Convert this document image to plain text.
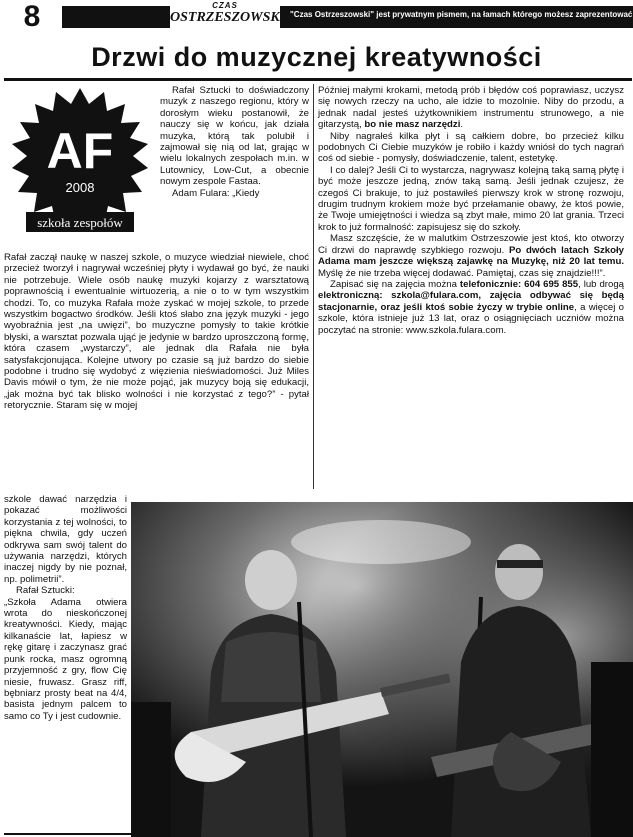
8	CZAS
OSTRZESZOWSKI "Czas Ostrzeszowski" jest prywatnym pismem, na łamach którego możesz zaprezentować
Drzwi do muzycznej kreatywności
AF
2008
szkoła zespołów

Rafał Sztucki to doświadczony muzyk z naszego regionu, który w dorosłym wieku postanowił, że nauczy się w końcu, jak działa muzyka, którą tak polubił i zajmował się nią od lat, grając w wielu lokalnych zespołach m.in. w Lutownicy, Low-Cut, a obecnie nowym zespole Fastaa.

Adam Fulara: „Kiedy

Rafał zaczął naukę w naszej szkole, o muzyce wiedział niewiele, choć przecież tworzył i nagrywał wcześniej płyty i wydawał go być, że nauki nie potrzebuje. Wiele osób naukę muzyki kojarzy z warsztatową poprawnością i ewentualnie wirtuozerią, a nie o to w tym wszystkim chodzi. To, co muzyka Rafała może zyskać w mojej szkole, to przede wszystkim bogactwo środków. Jeśli ktoś słabo zna język muzyki - jego wyobraźnia jest „na uwięzi”, bo muzyczne pomysły to takie krótkie błyski, a warsztat pozwala ująć je jedynie w bardzo uproszczoną formę, która czasem „wystarczy”, ale jednak dla Rafała nie była satysfakcjonująca. Kolejne utwory po czasie są już bardzo do siebie podobne i trudno się wydobyć z więzienia nieświadomości. Już Miles Davis mówił o tym, że nie może pojąć, jak muzycy boją się edukacji, „jak można być tak blisko wolności i nie korzystać z tego?” - pytał retorycznie. Staram się w mojej

Później małymi krokami, metodą prób i błędów coś poprawiasz, uczysz się nowych rzeczy na ucho, ale idzie to mozolnie. Niby do przodu, a jednak nadal jesteś użytkownikiem instrumentu strunowego, a nie gitarzystą, bo nie masz narzędzi.

Niby nagrałeś kilka płyt i są całkiem dobre, bo przecież kilku podobnych Ci Ciebie muzyków je robiło i każdy wniósł do tych nagrań coś od siebie - pomysły, doświadczenie, talent, estetykę.

I co dalej? Jeśli Ci to wystarcza, nagrywasz kolejną taką samą płytę i być może jeszcze jedną, znów taką samą. Jeśli jednak czujesz, że czegoś Ci brakuje, to już postawiłeś pierwszy krok w stronę rozwoju, drugim trudnym krokiem może być przełamanie obawy, że ktoś powie, że Twoje umiejętności i wiedza są zbyt małe, mimo 20 lat grania. Trzeci krok to już formalność: zapisujesz się do szkoły.

Masz szczęście, że w malutkim Ostrzeszowie jest ktoś, kto otworzy Ci drzwi do naprawdę szybkiego rozwoju. Po dwóch latach Szkoły Adama mam jeszcze większą zajawkę na Muzykę, niż 20 lat temu. Myślę że nie trzeba więcej dodawać. Pamiętaj, czas się znajdzie!!!”.

Zapisać się na zajęcia można telefonicznie: 604 695 855, lub drogą elektroniczną: szkola@fulara.com, zajęcia odbywać się będą stacjonarnie, oraz jeśli ktoś sobie życzy w trybie online, a więcej o szkole, która istnieje już 13 lat, oraz o osiągnięciach uczniów można poczytać na stronie: www.szkola.fulara.com.

szkole dawać narzędzia i pokazać możliwości korzystania z tej wolności, to piękna chwila, gdy uczeń odkrywa sam swój talent do używania narzędzi, których inaczej nigdy by nie poznał, np. polimetrii”.

Rafał Sztucki:

„Szkoła Adama otwiera wrota do nieskończonej kreatywności. Kiedy, mając kilkanaście lat, łapiesz w rękę gitarę i zaczynasz grać punk rocka, masz ogromną przyjemność z gry, flow Cię niesie, fruwasz. Grasz riff, bębniarz prosty beat na 4/4, basista jednym palcem to samo co Ty i jest cudownie.
